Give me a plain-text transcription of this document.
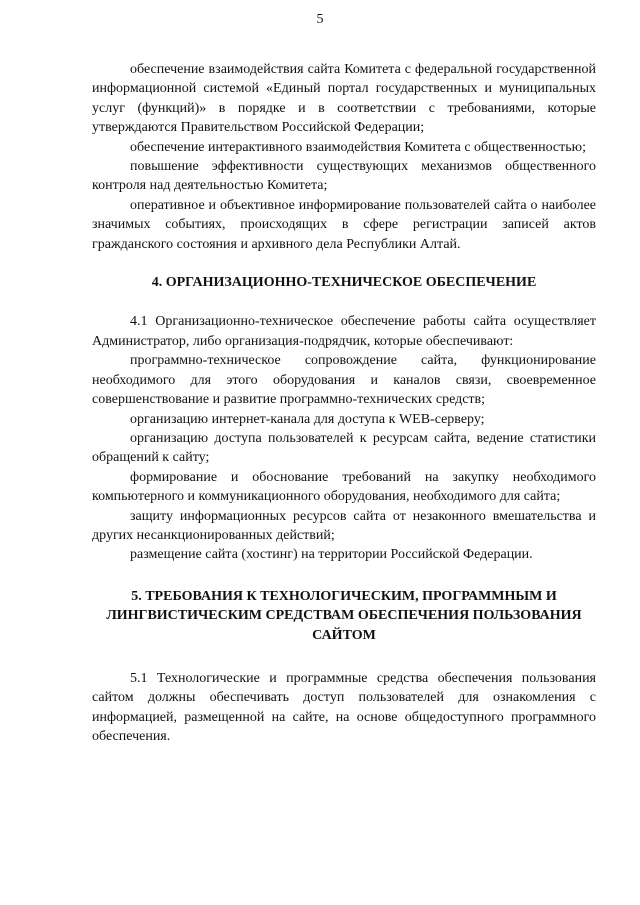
5

обеспечение взаимодействия сайта Комитета с федеральной государственной информационной системой «Единый портал государственных и муниципальных услуг (функций)» в порядке и в соответствии с требованиями, которые утверждаются Правительством Российской Федерации;

обеспечение интерактивного взаимодействия Комитета с общественностью;

повышение эффективности существующих механизмов общественного контроля над деятельностью Комитета;

оперативное и объективное информирование пользователей сайта о наиболее значимых событиях, происходящих в сфере регистрации записей актов гражданского состояния и архивного дела Республики Алтай.

4. ОРГАНИЗАЦИОННО-ТЕХНИЧЕСКОЕ ОБЕСПЕЧЕНИЕ

4.1 Организационно-техническое обеспечение работы сайта осуществляет Администратор, либо организация-подрядчик, которые обеспечивают:

программно-техническое сопровождение сайта, функционирование необходимого для этого оборудования и каналов связи, своевременное совершенствование и развитие программно-технических средств;

организацию интернет-канала для доступа к WEB-серверу;

организацию доступа пользователей к ресурсам сайта, ведение статистики обращений к сайту;

формирование и обоснование требований на закупку необходимого компьютерного и коммуникационного оборудования, необходимого для сайта;

защиту информационных ресурсов сайта от незаконного вмешательства и других несанкционированных действий;

размещение сайта (хостинг) на территории Российской Федерации.

5. ТРЕБОВАНИЯ К ТЕХНОЛОГИЧЕСКИМ, ПРОГРАММНЫМ И ЛИНГВИСТИЧЕСКИМ СРЕДСТВАМ ОБЕСПЕЧЕНИЯ ПОЛЬЗОВАНИЯ САЙТОМ

5.1 Технологические и программные средства обеспечения пользования сайтом должны обеспечивать доступ пользователей для ознакомления с информацией, размещенной на сайте, на основе общедоступного программного обеспечения.
